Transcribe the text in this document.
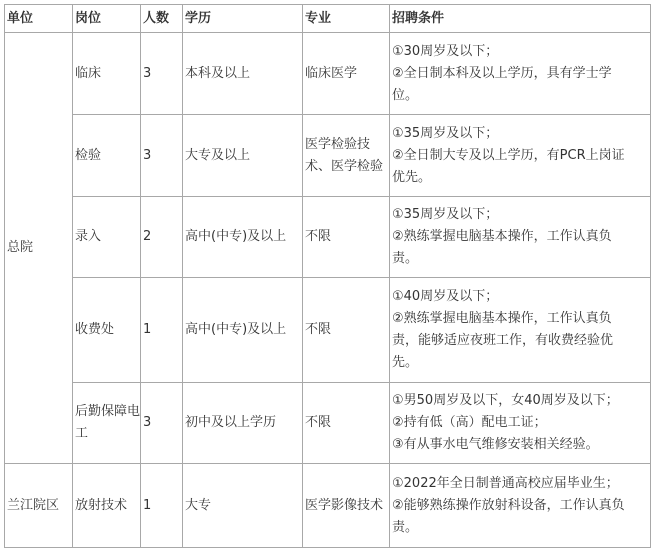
单位	岗位	人数	学历	专业	招聘条件
总院	临床	3	本科及以上	临床医学	①30周岁及以下；
②全日制本科及以上学历，具有学士学
位。

	检验	3	大专及以上	医学检验技术、医学检验	①35周岁及以下；
②全日制大专及以上学历，有PCR上岗证
优先。

	录入	2	高中(中专)及以上	不限	①35周岁及以下；
②熟练掌握电脑基本操作，工作认真负
责。

	收费处	1	高中(中专)及以上	不限	①40周岁及以下；
②熟练掌握电脑基本操作，工作认真负
责，能够适应夜班工作，有收费经验优
先。

	后勤保障电工	3	初中及以上学历	不限	①男50周岁及以下，女40周岁及以下；
②持有低（高）配电工证；
③有从事水电气维修安装相关经验。

兰江院区	放射技术	1	大专	医学影像技术	①2022年全日制普通高校应届毕业生；
②能够熟练操作放射科设备，工作认真负
责。
